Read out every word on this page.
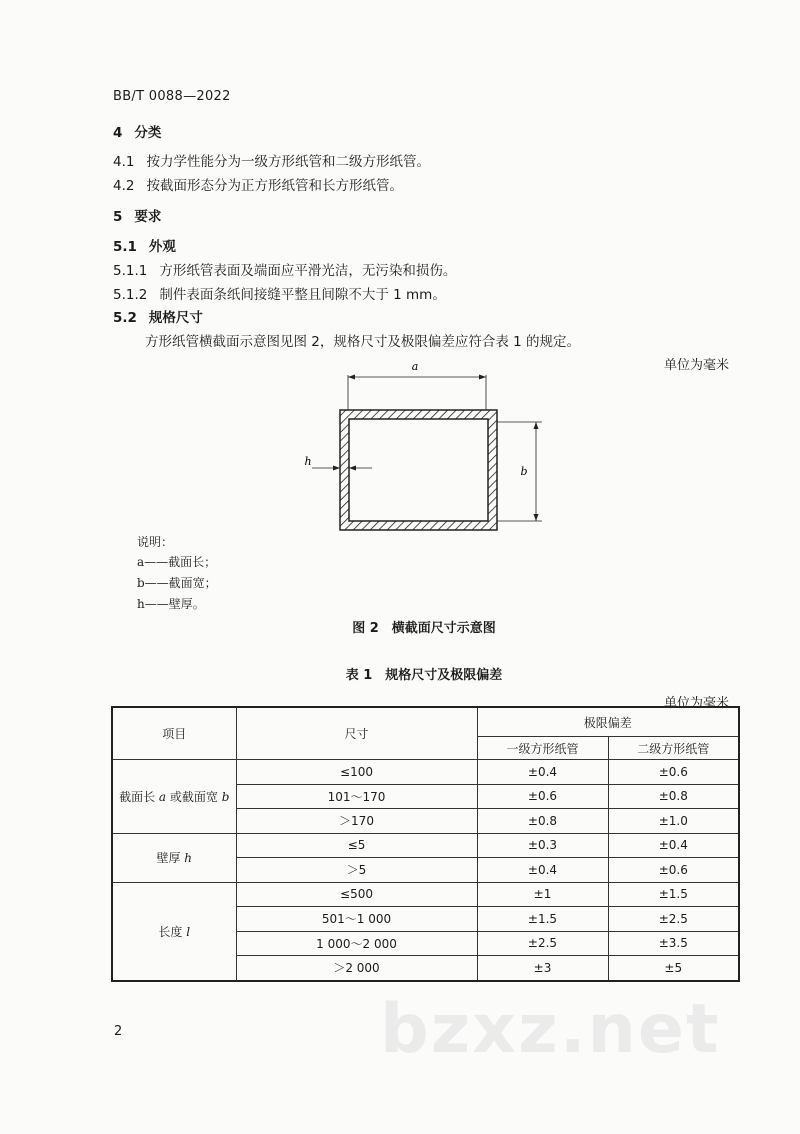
BB/T 0088—2022
4 分类
4.1 按力学性能分为一级方形纸管和二级方形纸管。
4.2 按截面形态分为正方形纸管和长方形纸管。
5 要求
5.1 外观
5.1.1 方形纸管表面及端面应平滑光洁，无污染和损伤。
5.1.2 制件表面条纸间接缝平整且间隙不大于 1 mm。
5.2 规格尺寸
方形纸管横截面示意图见图 2，规格尺寸及极限偏差应符合表 1 的规定。
单位为毫米
a
b
h
说明：
a——截面长；
b——截面宽；
h——壁厚。
图 2　横截面尺寸示意图
表 1　规格尺寸及极限偏差
单位为毫米
项目	尺寸	极限偏差	
		一级方形纸管	二级方形纸管
截面长 a 或截面宽 b	≤100	±0.4	±0.6
	101～170	±0.6	±0.8
	＞170	±0.8	±1.0
壁厚 h	≤5	±0.3	±0.4
	＞5	±0.4	±0.6
长度 l	≤500	±1	±1.5
	501～1 000	±1.5	±2.5
	1 000～2 000	±2.5	±3.5
	＞2 000	±3	±5
bzxz.net
2
